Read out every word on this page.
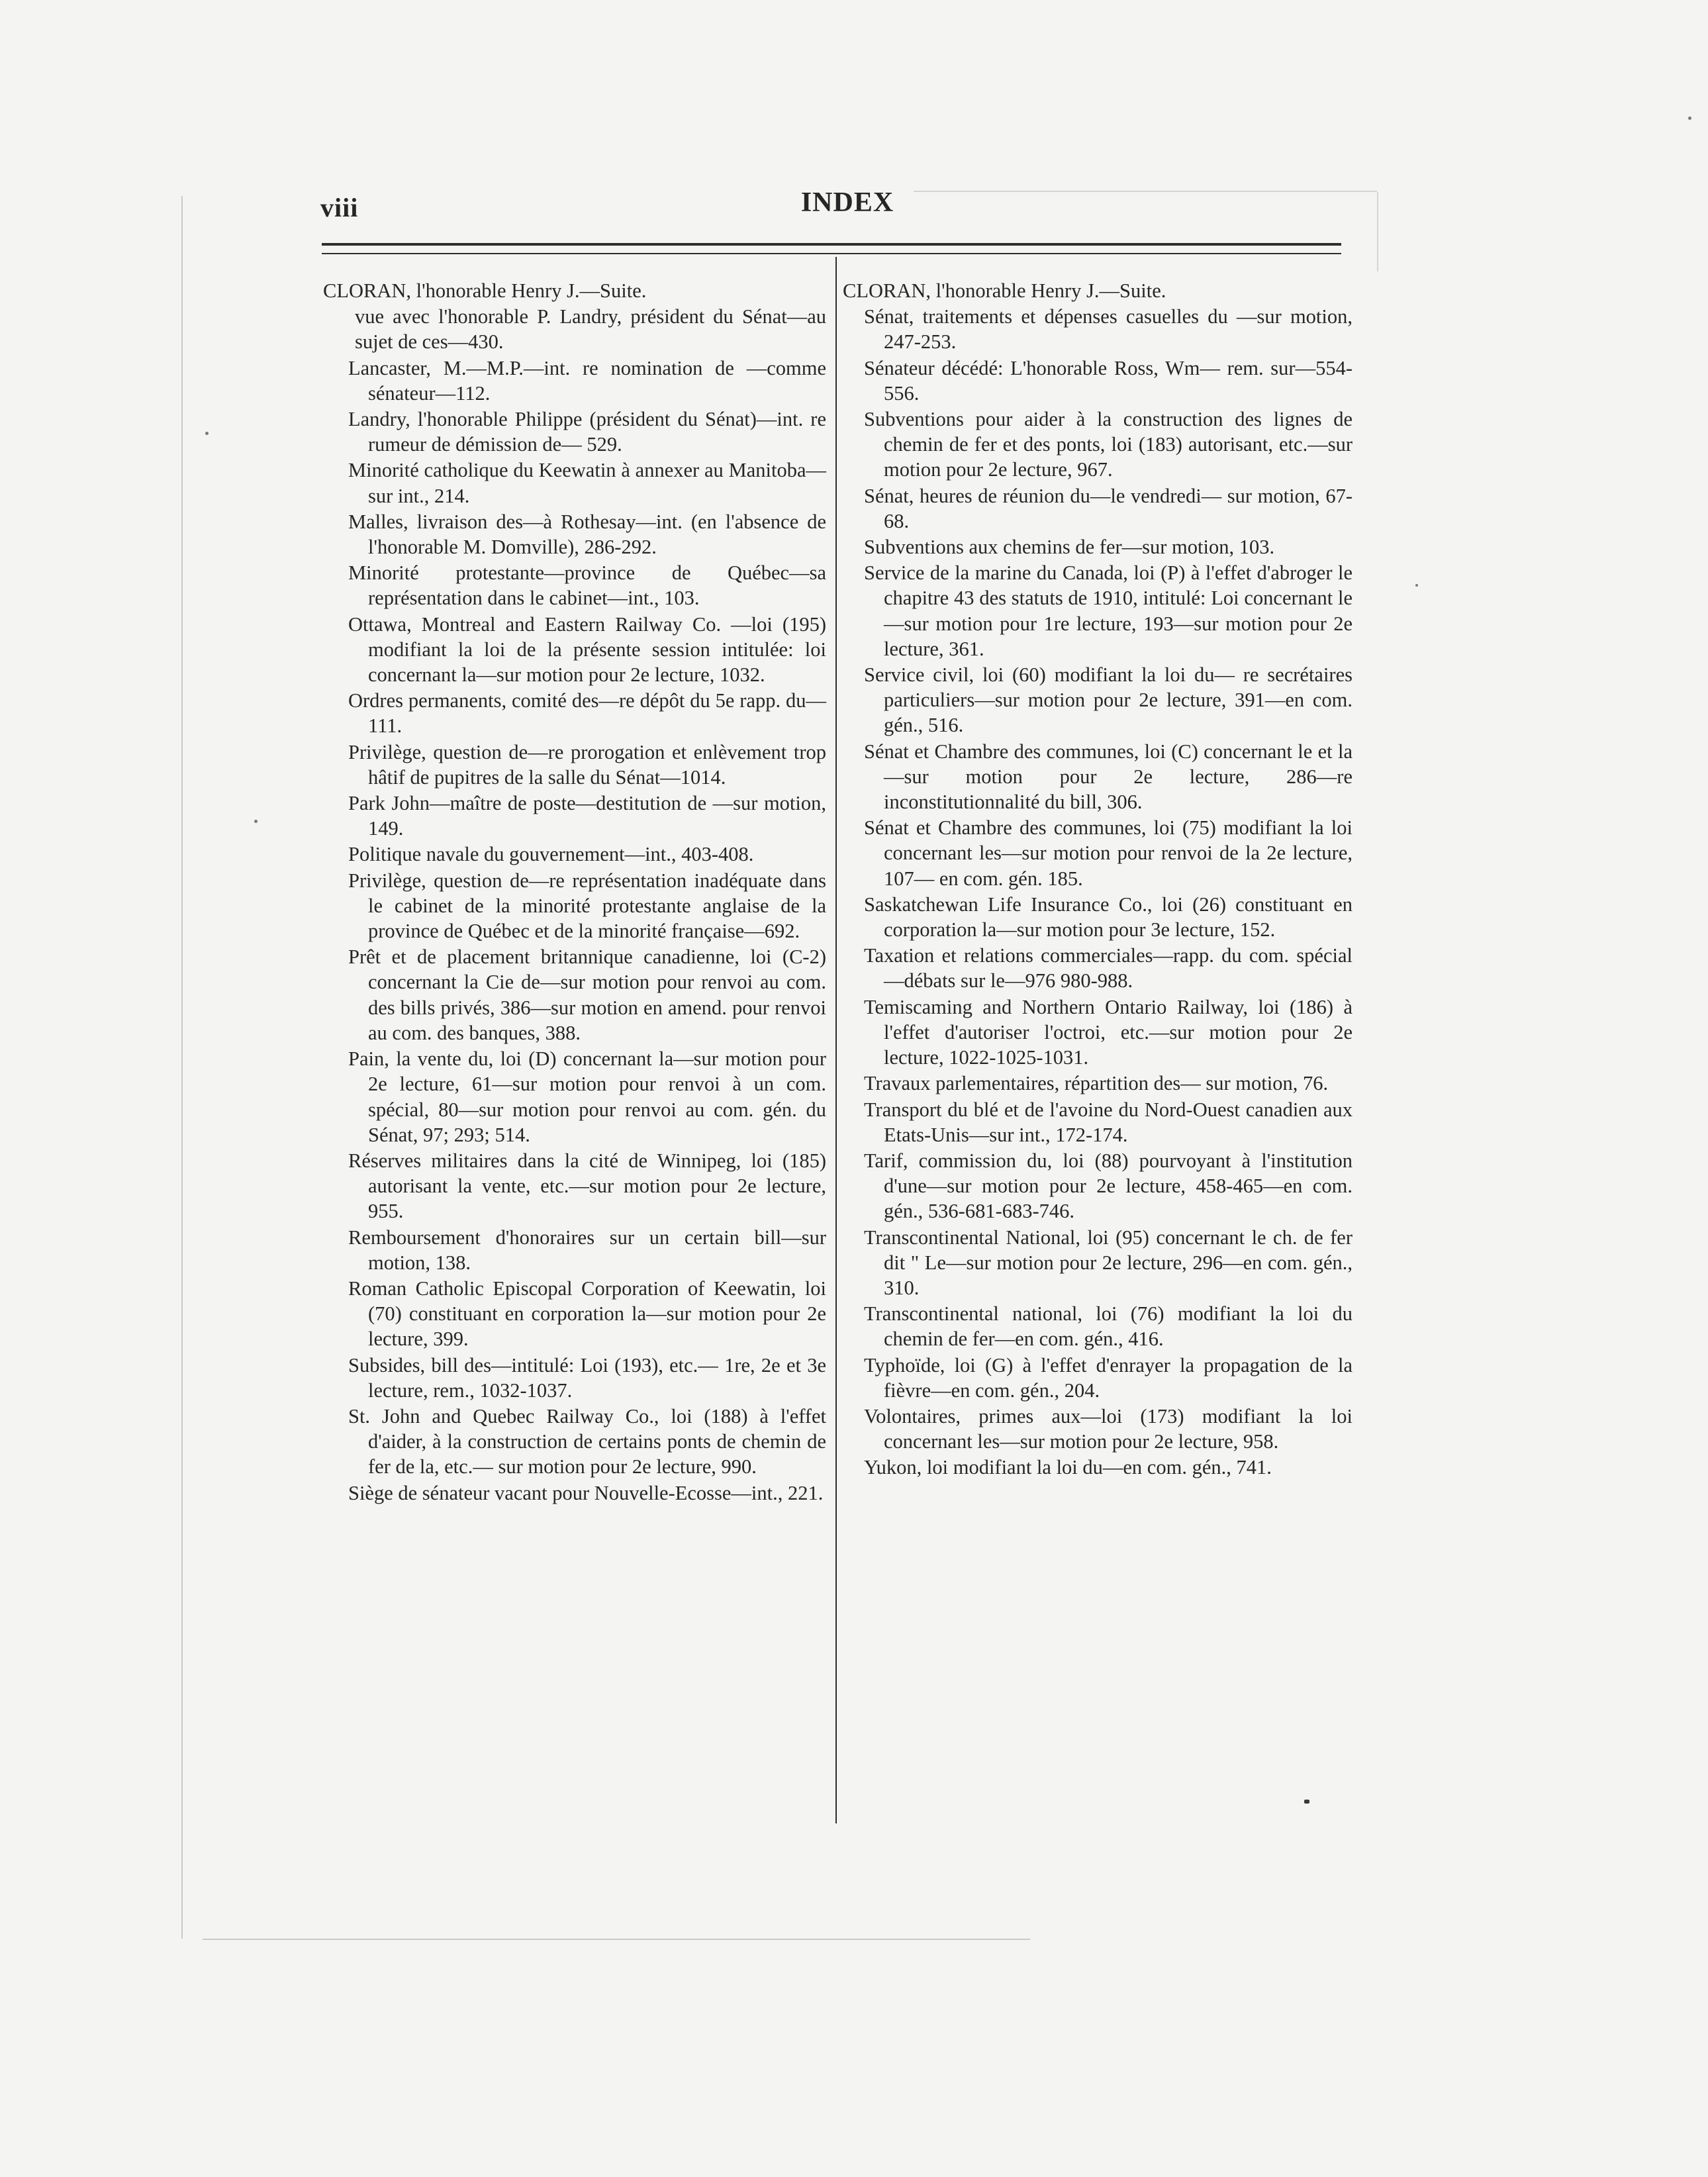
viii	INDEX

CLORAN, l'honorable Henry J.—Suite.

vue avec l'honorable P. Landry, président du Sénat—au sujet de ces—430.

Lancaster, M.—M.P.—int. re nomination de —comme sénateur—112.

Landry, l'honorable Philippe (président du Sénat)—int. re rumeur de démission de— 529.

Minorité catholique du Keewatin à annexer au Manitoba—sur int., 214.

Malles, livraison des—à Rothesay—int. (en l'absence de l'honorable M. Domville), 286-292.

Minorité protestante—province de Québec—sa représentation dans le cabinet—int., 103.

Ottawa, Montreal and Eastern Railway Co. —loi (195) modifiant la loi de la présente session intitulée: loi concernant la—sur motion pour 2e lecture, 1032.

Ordres permanents, comité des—re dépôt du 5e rapp. du—111.

Privilège, question de—re prorogation et enlèvement trop hâtif de pupitres de la salle du Sénat—1014.

Park John—maître de poste—destitution de —sur motion, 149.

Politique navale du gouvernement—int., 403-408.

Privilège, question de—re représentation inadéquate dans le cabinet de la minorité protestante anglaise de la province de Québec et de la minorité française—692.

Prêt et de placement britannique canadienne, loi (C-2) concernant la Cie de—sur motion pour renvoi au com. des bills privés, 386—sur motion en amend. pour renvoi au com. des banques, 388.

Pain, la vente du, loi (D) concernant la—sur motion pour 2e lecture, 61—sur motion pour renvoi à un com. spécial, 80—sur motion pour renvoi au com. gén. du Sénat, 97; 293; 514.

Réserves militaires dans la cité de Winnipeg, loi (185) autorisant la vente, etc.—sur motion pour 2e lecture, 955.

Remboursement d'honoraires sur un certain bill—sur motion, 138.

Roman Catholic Episcopal Corporation of Keewatin, loi (70) constituant en corporation la—sur motion pour 2e lecture, 399.

Subsides, bill des—intitulé: Loi (193), etc.— 1re, 2e et 3e lecture, rem., 1032-1037.

St. John and Quebec Railway Co., loi (188) à l'effet d'aider, à la construction de certains ponts de chemin de fer de la, etc.— sur motion pour 2e lecture, 990.

Siège de sénateur vacant pour Nouvelle-Ecosse—int., 221.

CLORAN, l'honorable Henry J.—Suite.

Sénat, traitements et dépenses casuelles du —sur motion, 247-253.

Sénateur décédé: L'honorable Ross, Wm— rem. sur—554-556.

Subventions pour aider à la construction des lignes de chemin de fer et des ponts, loi (183) autorisant, etc.—sur motion pour 2e lecture, 967.

Sénat, heures de réunion du—le vendredi— sur motion, 67-68.

Subventions aux chemins de fer—sur motion, 103.

Service de la marine du Canada, loi (P) à l'effet d'abroger le chapitre 43 des statuts de 1910, intitulé: Loi concernant le—sur motion pour 1re lecture, 193—sur motion pour 2e lecture, 361.

Service civil, loi (60) modifiant la loi du— re secrétaires particuliers—sur motion pour 2e lecture, 391—en com. gén., 516.

Sénat et Chambre des communes, loi (C) concernant le et la—sur motion pour 2e lecture, 286—re inconstitutionnalité du bill, 306.

Sénat et Chambre des communes, loi (75) modifiant la loi concernant les—sur motion pour renvoi de la 2e lecture, 107— en com. gén. 185.

Saskatchewan Life Insurance Co., loi (26) constituant en corporation la—sur motion pour 3e lecture, 152.

Taxation et relations commerciales—rapp. du com. spécial—débats sur le—976 980-988.

Temiscaming and Northern Ontario Railway, loi (186) à l'effet d'autoriser l'octroi, etc.—sur motion pour 2e lecture, 1022-1025-1031.

Travaux parlementaires, répartition des— sur motion, 76.

Transport du blé et de l'avoine du Nord-Ouest canadien aux Etats-Unis—sur int., 172-174.

Tarif, commission du, loi (88) pourvoyant à l'institution d'une—sur motion pour 2e lecture, 458-465—en com. gén., 536-681-683-746.

Transcontinental National, loi (95) concernant le ch. de fer dit " Le—sur motion pour 2e lecture, 296—en com. gén., 310.

Transcontinental national, loi (76) modifiant la loi du chemin de fer—en com. gén., 416.

Typhoïde, loi (G) à l'effet d'enrayer la propagation de la fièvre—en com. gén., 204.

Volontaires, primes aux—loi (173) modifiant la loi concernant les—sur motion pour 2e lecture, 958.

Yukon, loi modifiant la loi du—en com. gén., 741.
